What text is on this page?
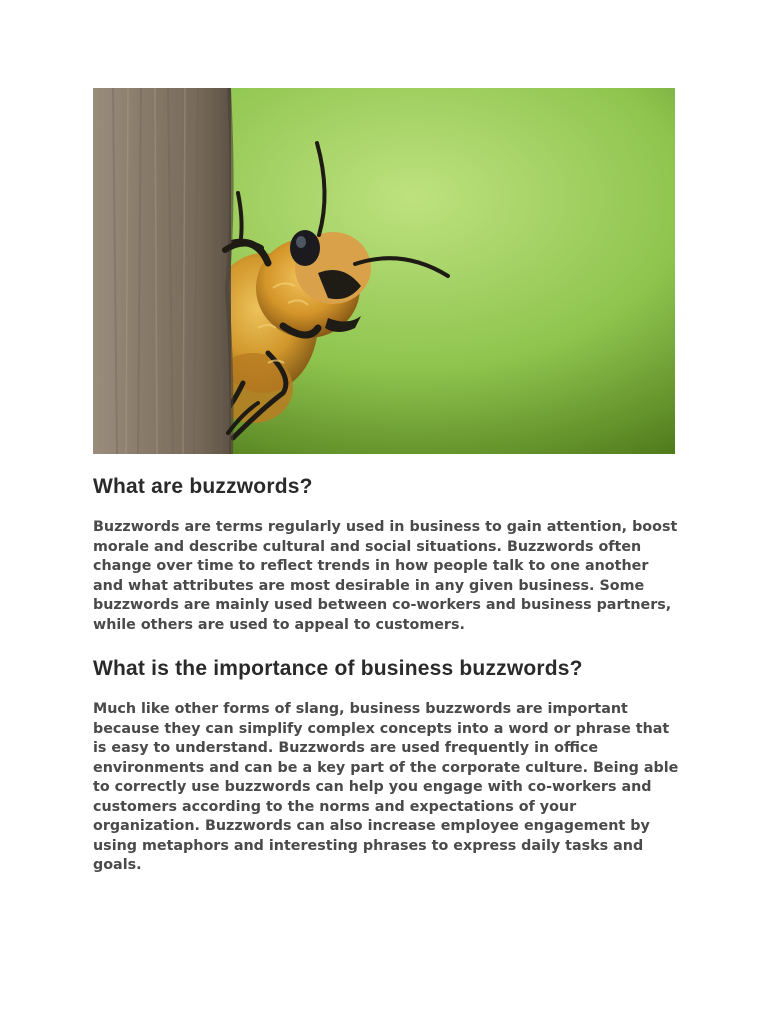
What are buzzwords?

Buzzwords are terms regularly used in business to gain attention, boost morale and describe cultural and social situations. Buzzwords often change over time to reflect trends in how people talk to one another and what attributes are most desirable in any given business. Some buzzwords are mainly used between co-workers and business partners, while others are used to appeal to customers.

What is the importance of business buzzwords?

Much like other forms of slang, business buzzwords are important because they can simplify complex concepts into a word or phrase that is easy to understand. Buzzwords are used frequently in office environments and can be a key part of the corporate culture. Being able to correctly use buzzwords can help you engage with co-workers and customers according to the norms and expectations of your organization. Buzzwords can also increase employee engagement by using metaphors and interesting phrases to express daily tasks and goals.
